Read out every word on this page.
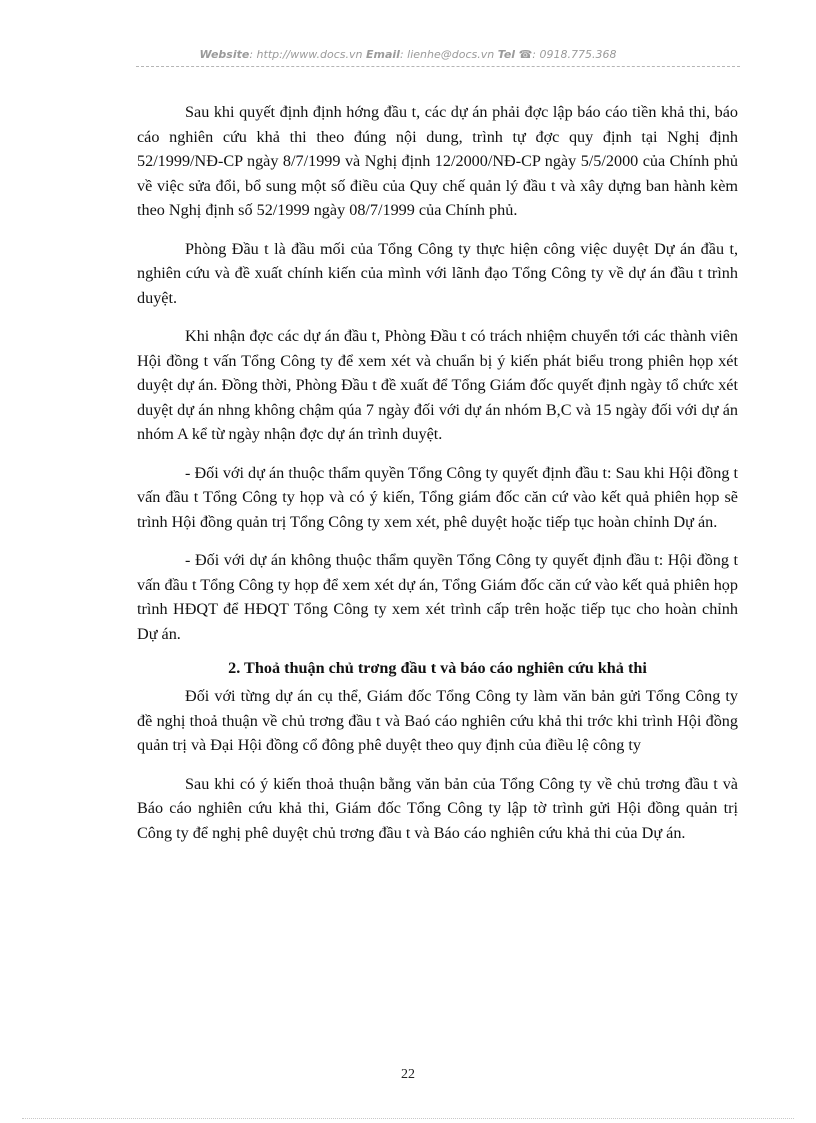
Website: http://www.docs.vn Email: lienhe@docs.vn Tel ☎: 0918.775.368

Sau khi quyết định định hớng đầu t, các dự án phải đợc lập báo cáo tiền khả thi, báo cáo nghiên cứu khả thi theo đúng nội dung, trình tự đợc quy định tại Nghị định 52/1999/NĐ-CP ngày 8/7/1999 và Nghị định 12/2000/NĐ-CP ngày 5/5/2000 của Chính phủ về việc sửa đổi, bổ sung một số điều của Quy chế quản lý đầu t và xây dựng ban hành kèm theo Nghị định số 52/1999 ngày 08/7/1999 của Chính phủ.

Phòng Đầu t là đầu mối của Tổng Công ty thực hiện công việc duyệt Dự án đầu t, nghiên cứu và đề xuất chính kiến của mình với lãnh đạo Tổng Công ty về dự án đầu t trình duyệt.

Khi nhận đợc các dự án đầu t, Phòng Đầu t có trách nhiệm chuyển tới các thành viên Hội đồng t vấn Tổng Công ty để xem xét và chuẩn bị ý kiến phát biểu trong phiên họp xét duyệt dự án. Đồng thời, Phòng Đầu t đề xuất để Tổng Giám đốc quyết định ngày tổ chức xét duyệt dự án nhng không chậm qúa 7 ngày đối với dự án nhóm B,C và 15 ngày đối với dự án nhóm A kể từ ngày nhận đợc dự án trình duyệt.

- Đối với dự án thuộc thẩm quyền Tổng Công ty quyết định đầu t: Sau khi Hội đồng t vấn đầu t Tổng Công ty họp và có ý kiến, Tổng giám đốc căn cứ vào kết quả phiên họp sẽ trình Hội đồng quản trị Tổng Công ty xem xét, phê duyệt hoặc tiếp tục hoàn chỉnh Dự án.

- Đối với dự án không thuộc thẩm quyền Tổng Công ty quyết định đầu t: Hội đồng t vấn đầu t Tổng Công ty họp để xem xét dự án, Tổng Giám đốc căn cứ vào kết quả phiên họp trình HĐQT để HĐQT Tổng Công ty xem xét trình cấp trên hoặc tiếp tục cho hoàn chỉnh Dự án.

2. Thoả thuận chủ trơng đầu t và báo cáo nghiên cứu khả thi

Đối với từng dự án cụ thể, Giám đốc Tổng Công ty làm văn bản gửi Tổng Công ty đề nghị thoả thuận về chủ trơng đầu t và Baó cáo nghiên cứu khả thi trớc khi trình Hội đồng quản trị và Đại Hội đồng cổ đông phê duyệt theo quy định của điều lệ công ty

Sau khi có ý kiến thoả thuận bằng văn bản của Tổng Công ty về chủ trơng đầu t và Báo cáo nghiên cứu khả thi, Giám đốc Tổng Công ty lập tờ trình gửi Hội đồng quản trị Công ty để nghị phê duyệt chủ trơng đầu t và Báo cáo nghiên cứu khả thi của Dự án.

22
